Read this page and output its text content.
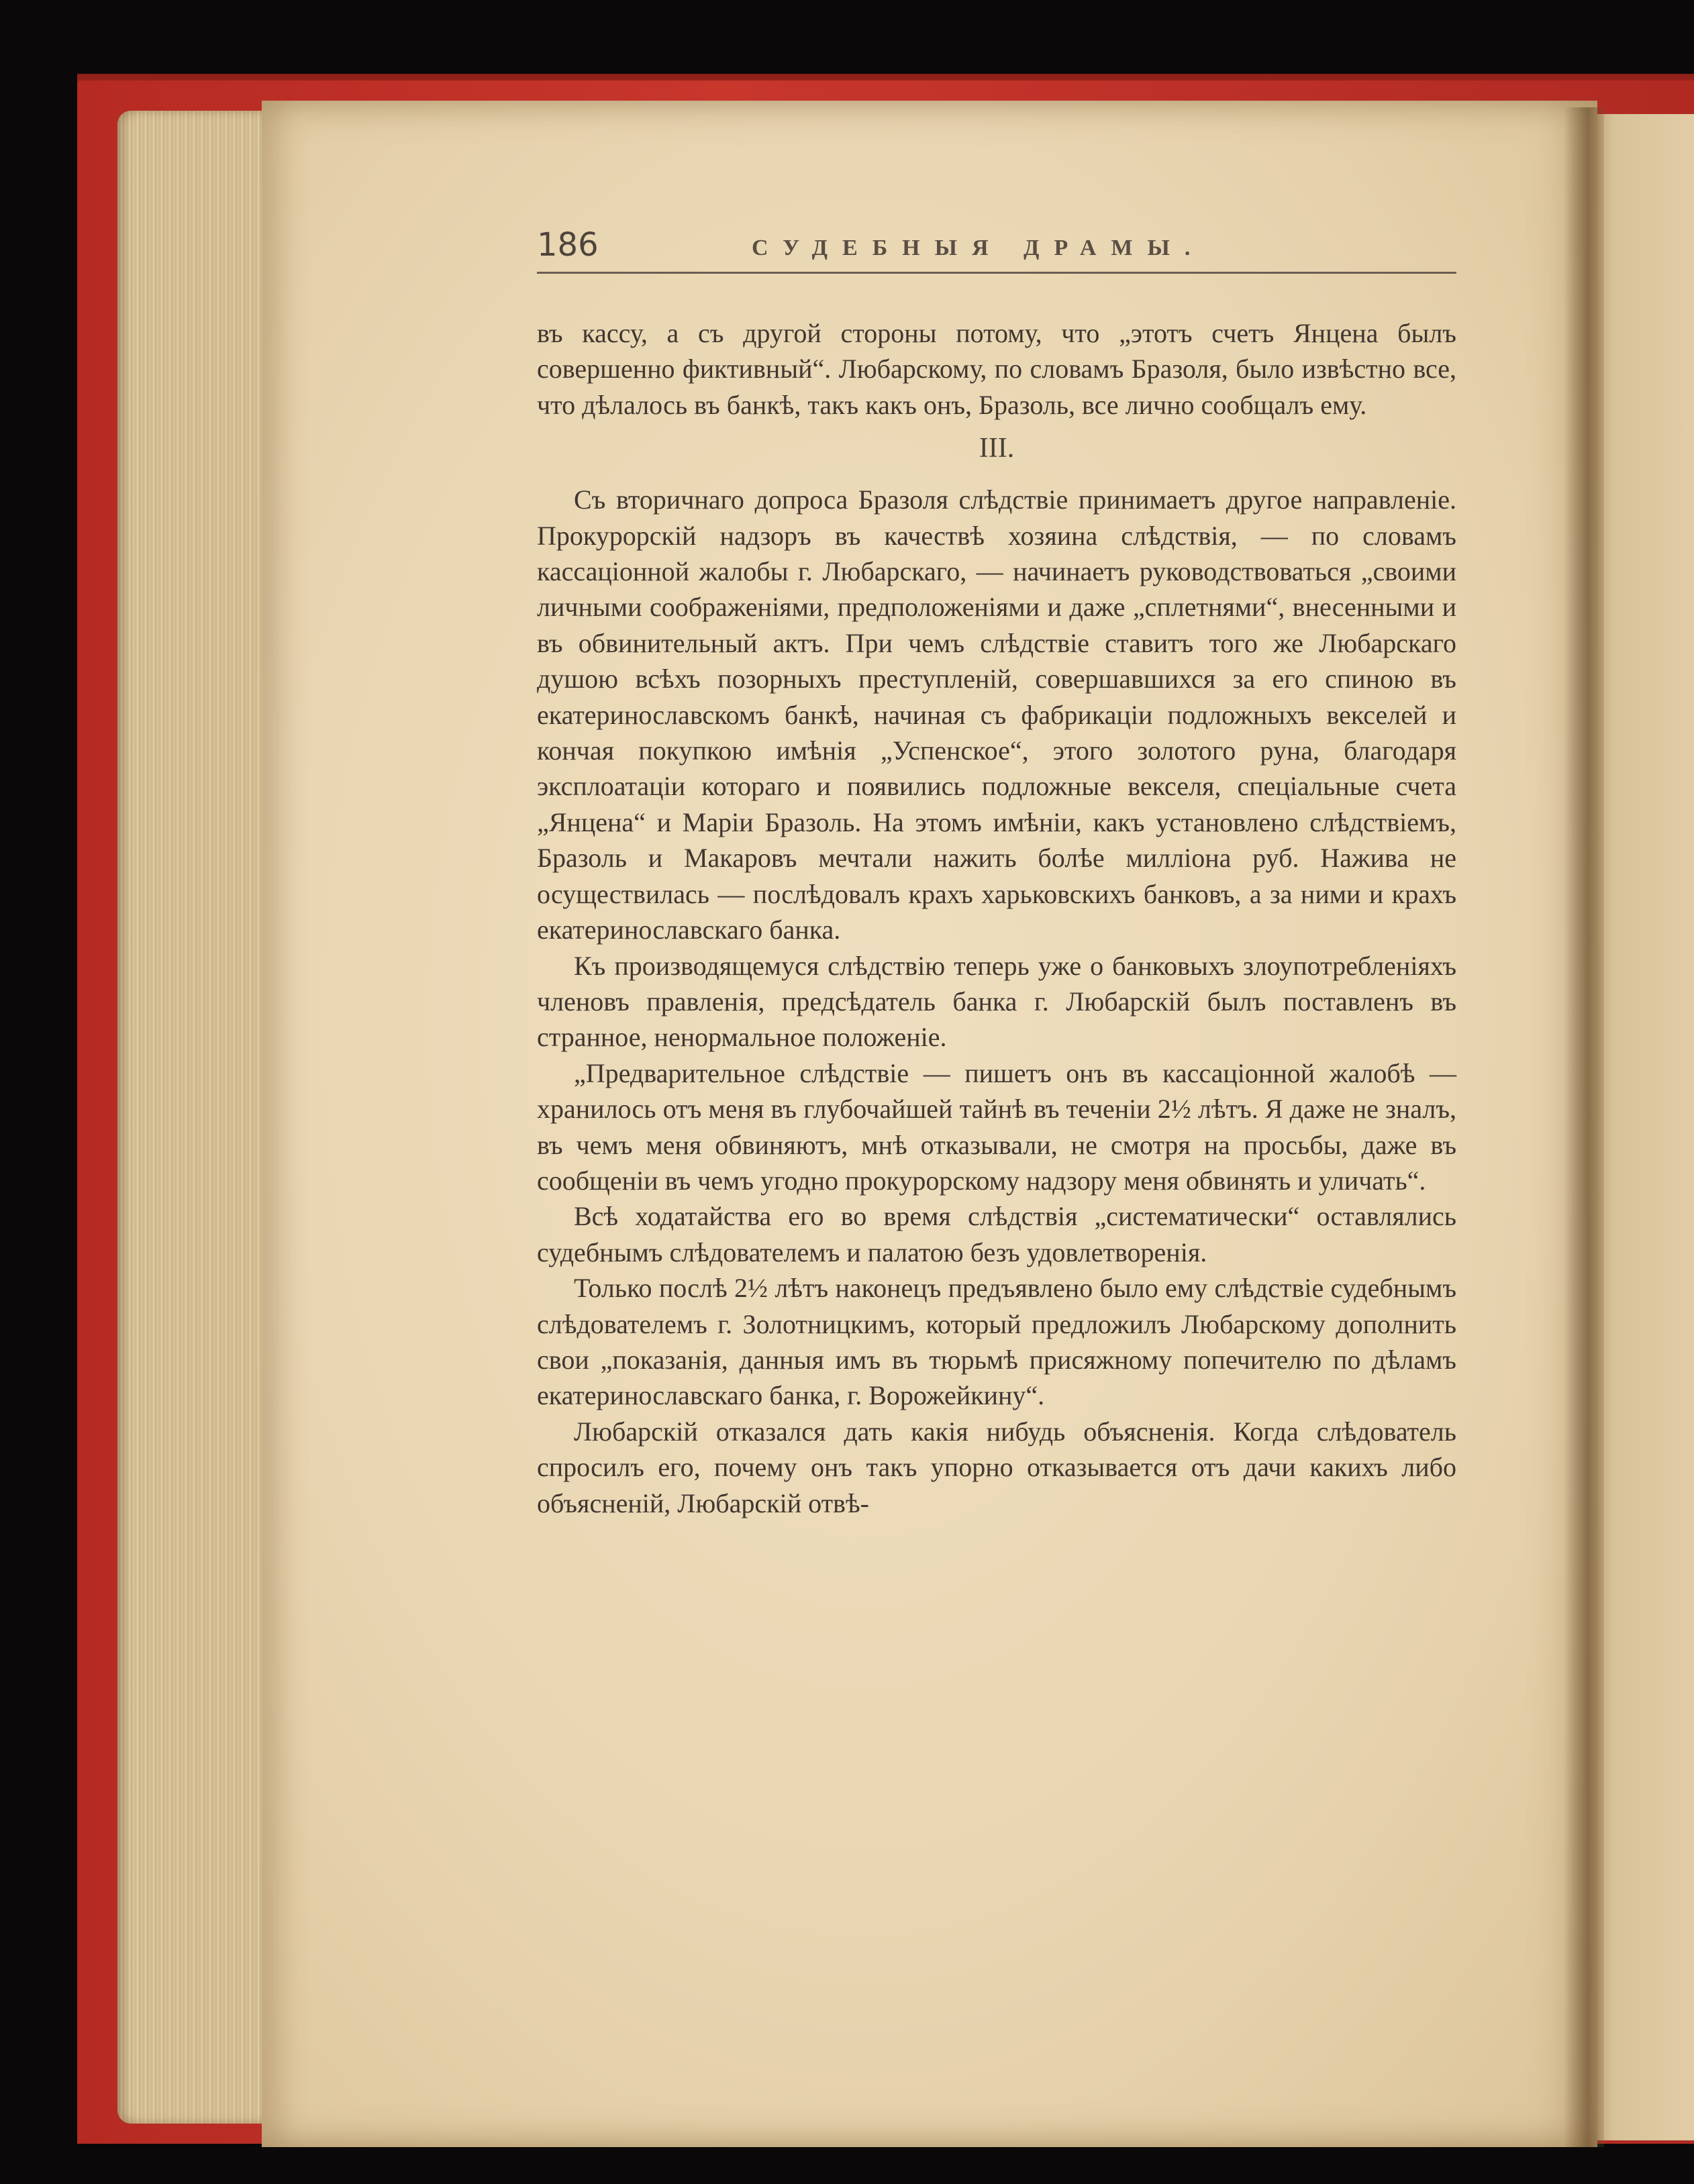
186	СУДЕБНЫЯ ДРАМЫ.

въ кассу, а съ другой стороны потому, что „этотъ счетъ Янцена былъ совершенно фиктивный“. Любарскому, по словамъ Бразоля, было извѣстно все, что дѣлалось въ банкѣ, такъ какъ онъ, Бразоль, все лично сообщалъ ему.

III.

Съ вторичнаго допроса Бразоля слѣдствіе принимаетъ другое направленіе. Прокурорскій надзоръ въ качествѣ хозяина слѣдствія, — по словамъ кассаціонной жалобы г. Любарскаго, — начинаетъ руководствоваться „своими личными соображеніями, предположеніями и даже „сплетнями“, внесенными и въ обвинительный актъ. При чемъ слѣдствіе ставитъ того же Любарскаго душою всѣхъ позорныхъ преступленій, совершавшихся за его спиною въ екатеринославскомъ банкѣ, начиная съ фабрикаціи подложныхъ векселей и кончая покупкою имѣнія „Успенское“, этого золотого руна, благодаря эксплоатаціи котораго и появились подложные векселя, спеціальные счета „Янцена“ и Маріи Бразоль. На этомъ имѣніи, какъ установлено слѣдствіемъ, Бразоль и Макаровъ мечтали нажить болѣе милліона руб. Нажива не осуществилась — послѣдовалъ крахъ харьковскихъ банковъ, а за ними и крахъ екатеринославскаго банка.

Къ производящемуся слѣдствію теперь уже о банковыхъ злоупотребленіяхъ членовъ правленія, предсѣдатель банка г. Любарскій былъ поставленъ въ странное, ненормальное положеніе.

„Предварительное слѣдствіе — пишетъ онъ въ кассаціонной жалобѣ — хранилось отъ меня въ глубочайшей тайнѣ въ теченіи 2½ лѣтъ. Я даже не зналъ, въ чемъ меня обвиняютъ, мнѣ отказывали, не смотря на просьбы, даже въ сообщеніи въ чемъ угодно прокурорскому надзору меня обвинять и уличать“.

Всѣ ходатайства его во время слѣдствія „систематически“ оставлялись судебнымъ слѣдователемъ и палатою безъ удовлетворенія.

Только послѣ 2½ лѣтъ наконецъ предъявлено было ему слѣдствіе судебнымъ слѣдователемъ г. Золотницкимъ, который предложилъ Любарскому дополнить свои „показанія, данныя имъ въ тюрьмѣ присяжному попечителю по дѣламъ екатеринославскаго банка, г. Ворожейкину“.

Любарскій отказался дать какія нибудь объясненія. Когда слѣдователь спросилъ его, почему онъ такъ упорно отказывается отъ дачи какихъ либо объясненій, Любарскій отвѣ-
